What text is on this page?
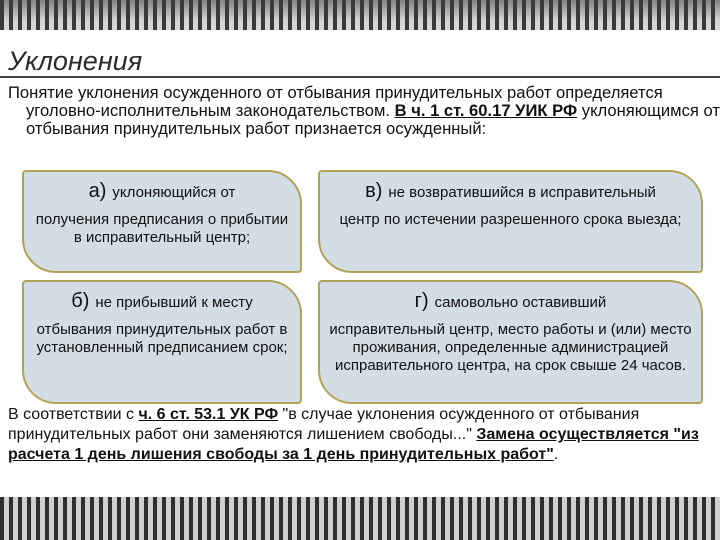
Уклонения
Понятие уклонения осужденного от отбывания принудительных работ определяется уголовно-исполнительным законодательством. В ч. 1 ст. 60.17 УИК РФ уклоняющимся от отбывания принудительных работ признается осужденный:
а) уклоняющийся от
получения предписания о прибытии в исправительный центр;
в) не возвратившийся в исправительный
центр по истечении разрешенного срока выезда;
б) не прибывший к месту
отбывания принудительных работ в установленный предписанием срок;
г) самовольно оставивший
исправительный центр, место работы и (или) место проживания, определенные администрацией исправительного центра, на срок свыше 24 часов.
В соответствии с ч. 6 ст. 53.1 УК РФ "в случае уклонения осужденного от отбывания принудительных работ они заменяются лишением свободы..." Замена осуществляется "из расчета 1 день лишения свободы за 1 день принудительных работ".
